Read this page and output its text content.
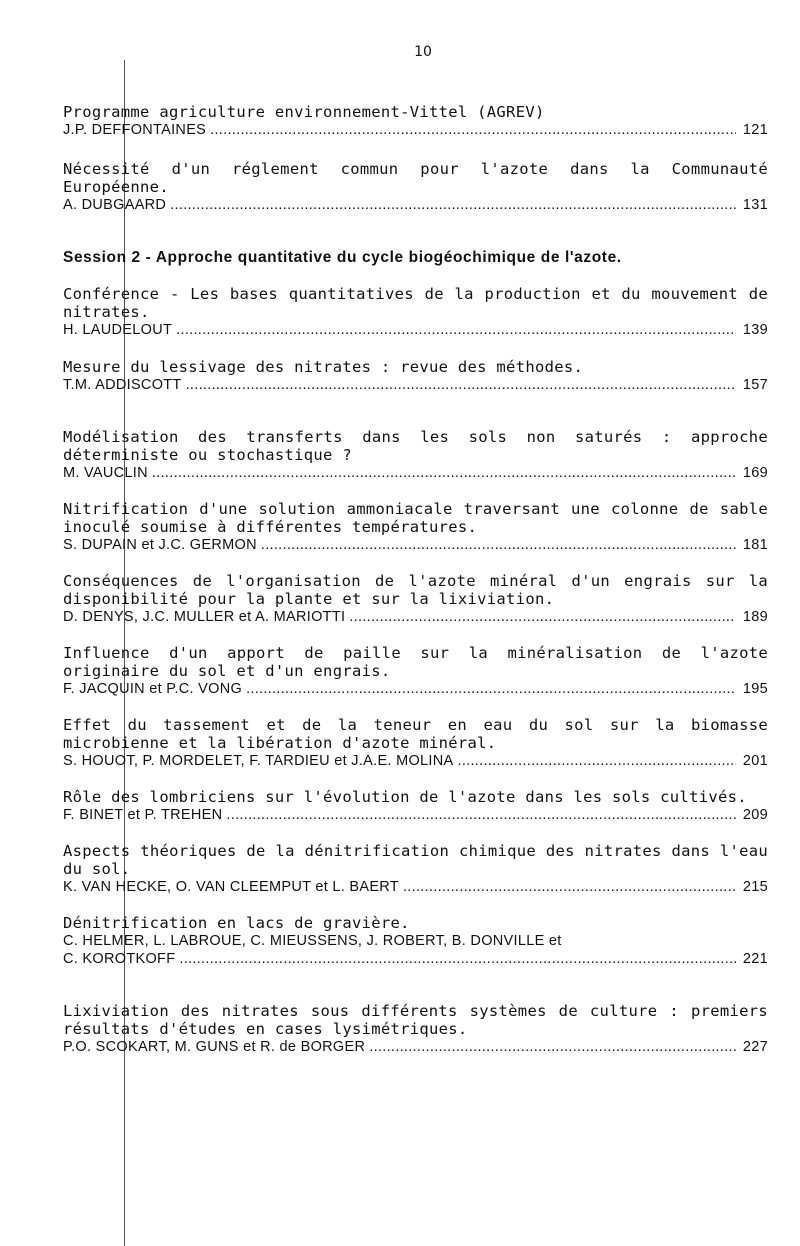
10
Programme agriculture environnement-Vittel (AGREV)
J.P. DEFFONTAINES .....	121
Nécessité d'un réglement commun pour l'azote dans la Communauté Européenne.
A. DUBGAARD .....	131
Session 2 - Approche quantitative du cycle biogéochimique de l'azote.
Conférence - Les bases quantitatives de la production et du mouvement de nitrates.
H. LAUDELOUT .....	139
Mesure du lessivage des nitrates : revue des méthodes.
T.M. ADDISCOTT .....	157
Modélisation des transferts dans les sols non saturés : approche déterministe ou stochastique ?
M. VAUCLIN .....	169
Nitrification d'une solution ammoniacale traversant une colonne de sable inoculé soumise à différentes températures.
S. DUPAIN et J.C. GERMON .....	181
Conséquences de l'organisation de l'azote minéral d'un engrais sur la disponibilité pour la plante et sur la lixiviation.
D. DENYS, J.C. MULLER et A. MARIOTTI .....	189
Influence d'un apport de paille sur la minéralisation de l'azote originaire du sol et d'un engrais.
F. JACQUIN et P.C. VONG .....	195
Effet du tassement et de la teneur en eau du sol sur la biomasse microbienne et la libération d'azote minéral.
S. HOUOT, P. MORDELET, F. TARDIEU et J.A.E. MOLINA .....	201
Rôle des lombriciens sur l'évolution de l'azote dans les sols cultivés.
F. BINET et P. TREHEN .....	209
Aspects théoriques de la dénitrification chimique des nitrates dans l'eau du sol.
K. VAN HECKE, O. VAN CLEEMPUT et L. BAERT .....	215
Dénitrification en lacs de gravière.
C. HELMER, L. LABROUE, C. MIEUSSENS, J. ROBERT, B. DONVILLE et
C. KOROTKOFF .....	221
Lixiviation des nitrates sous différents systèmes de culture : premiers résultats d'études en cases lysimétriques.
P.O. SCOKART, M. GUNS et R. de BORGER .....	227
